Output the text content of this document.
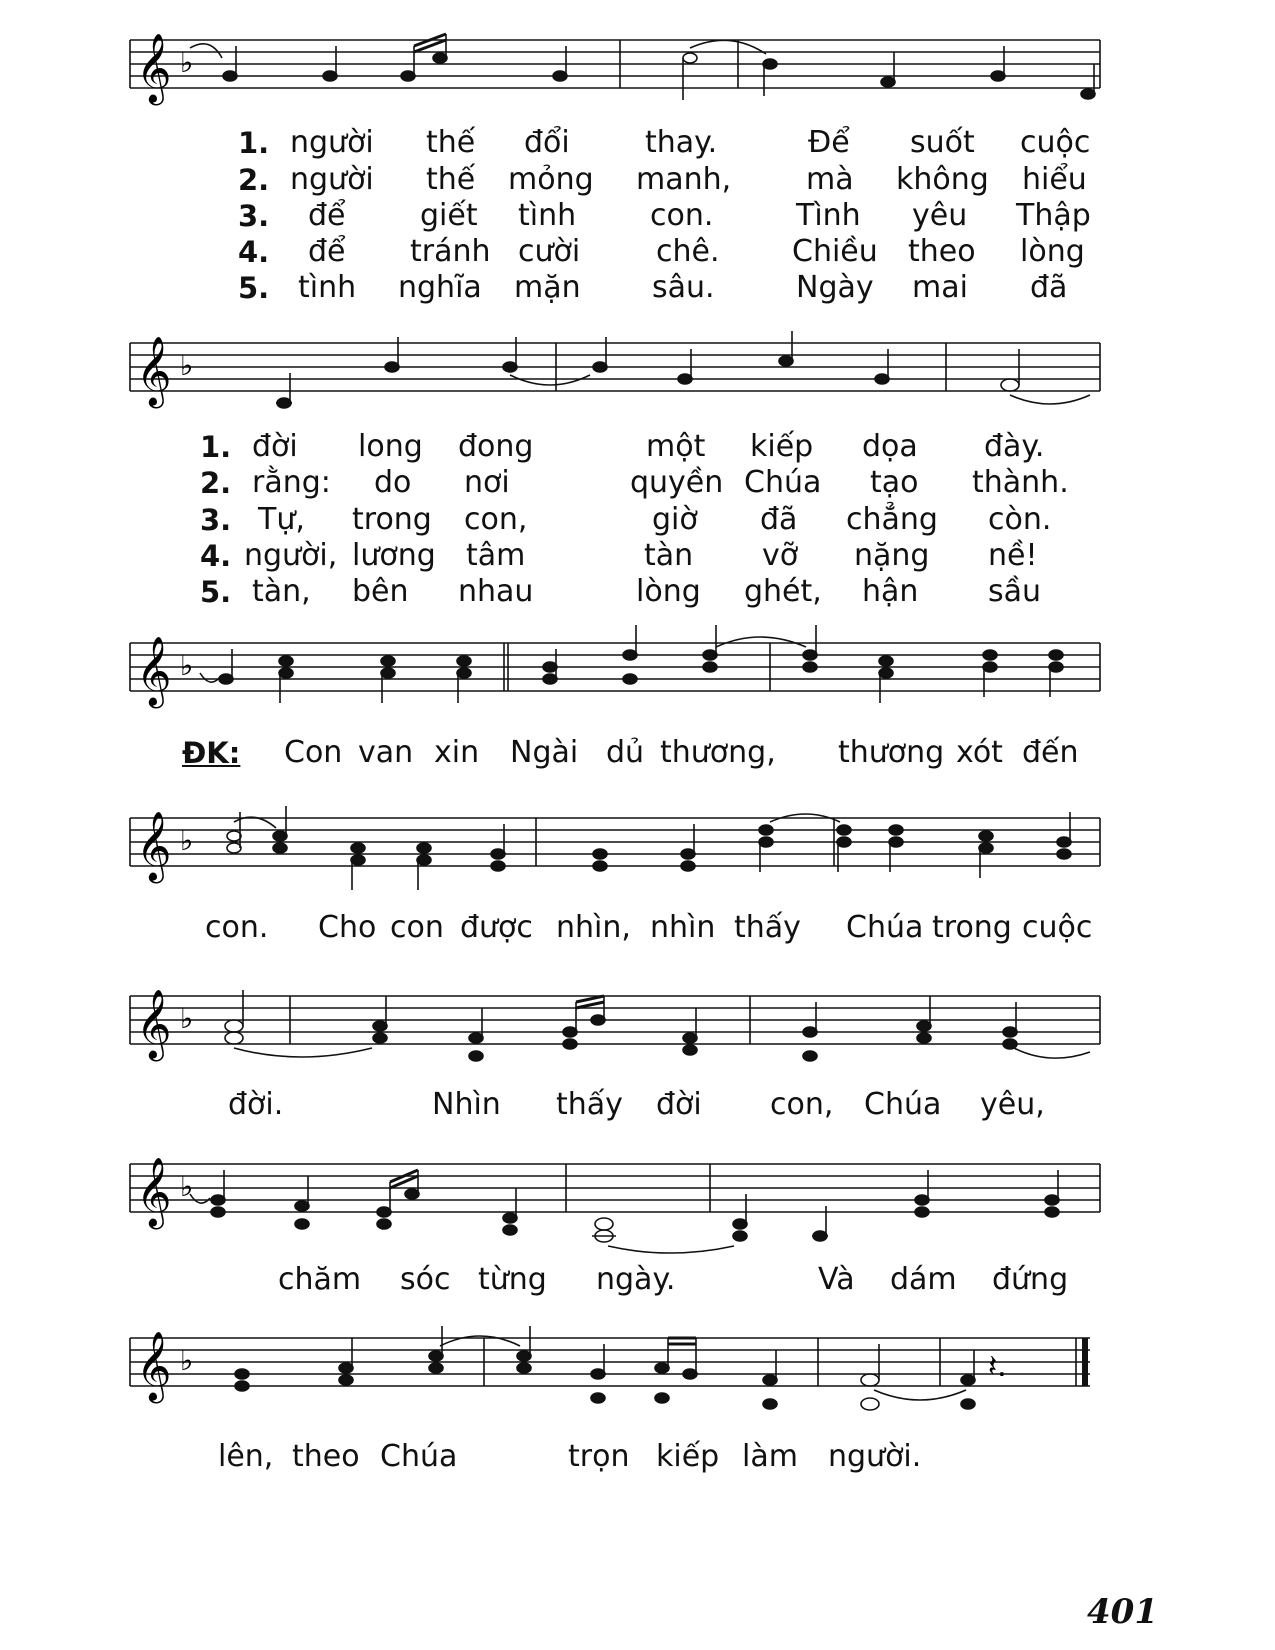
𝄞 ♭
1. người thế đổi	thay.	Để suốt cuộc
2. người thế mỏng manh, mà không hiểu
3. để giết tình con.	Tình yêu Thập
4. để tránh cười	chê. Chiều theo lòng
5. tình nghĩa mặn sâu.	Ngày mai đã
𝄞 ♭
1. đời long đong	một kiếp dọa đày.
2. rằng: do nơi	quyền Chúa tạo thành.
3. Tự, trong con,	giờ đã chẳng còn.
4. người, lương tâm	tàn vỡ nặng nề!
5. tàn, bên nhau	lòng ghét, hận sầu
𝄞 ♭
ĐK: Con van xin Ngài dủ thương, thương xót đến
𝄞 ♭
con. Cho con được nhìn, nhìn thấy Chúa trong cuộc
𝄞 ♭
đời.	Nhìn thấy đời con, Chúa yêu,
𝄞 ♭
chăm sóc từng ngày.	Và dám đứng
𝄞 ♭	𝄽.
lên, theo Chúa	trọn kiếp làm người.
401
